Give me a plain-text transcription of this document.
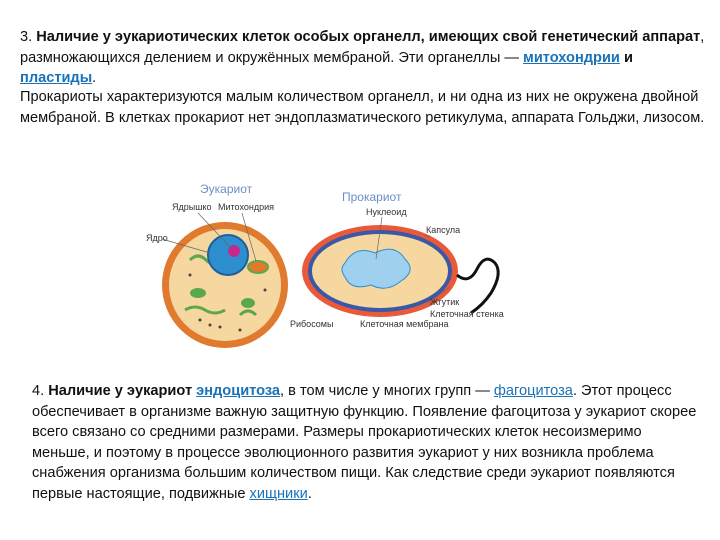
3. Наличие у эукариотических клеток особых органелл, имеющих свой генетический аппарат, размножающихся делением и окружённых мембраной. Эти органеллы — митохондрии и пластиды.

Прокариоты характеризуются малым количеством органелл, и ни одна из них не окружена двойной мембраной. В клетках прокариот нет эндоплазматического ретикулума, аппарата Гольджи, лизосом.

Эукариот
Ядрышко Митохондрия
Ядро
Рибосомы
Прокариот
Нуклеоид
Капсула
Жгутик
Клеточная стенка
Клеточная мембрана

4. Наличие у эукариот эндоцитоза, в том числе у многих групп — фагоцитоза. Этот процесс обеспечивает в организме важную защитную функцию. Появление фагоцитоза у эукариот скорее всего связано со средними размерами. Размеры прокариотических клеток несоизмеримо меньше, и поэтому в процессе эволюционного развития эукариот у них возникла проблема снабжения организма большим количеством пищи. Как следствие среди эукариот появляются первые настоящие, подвижные хищники.
